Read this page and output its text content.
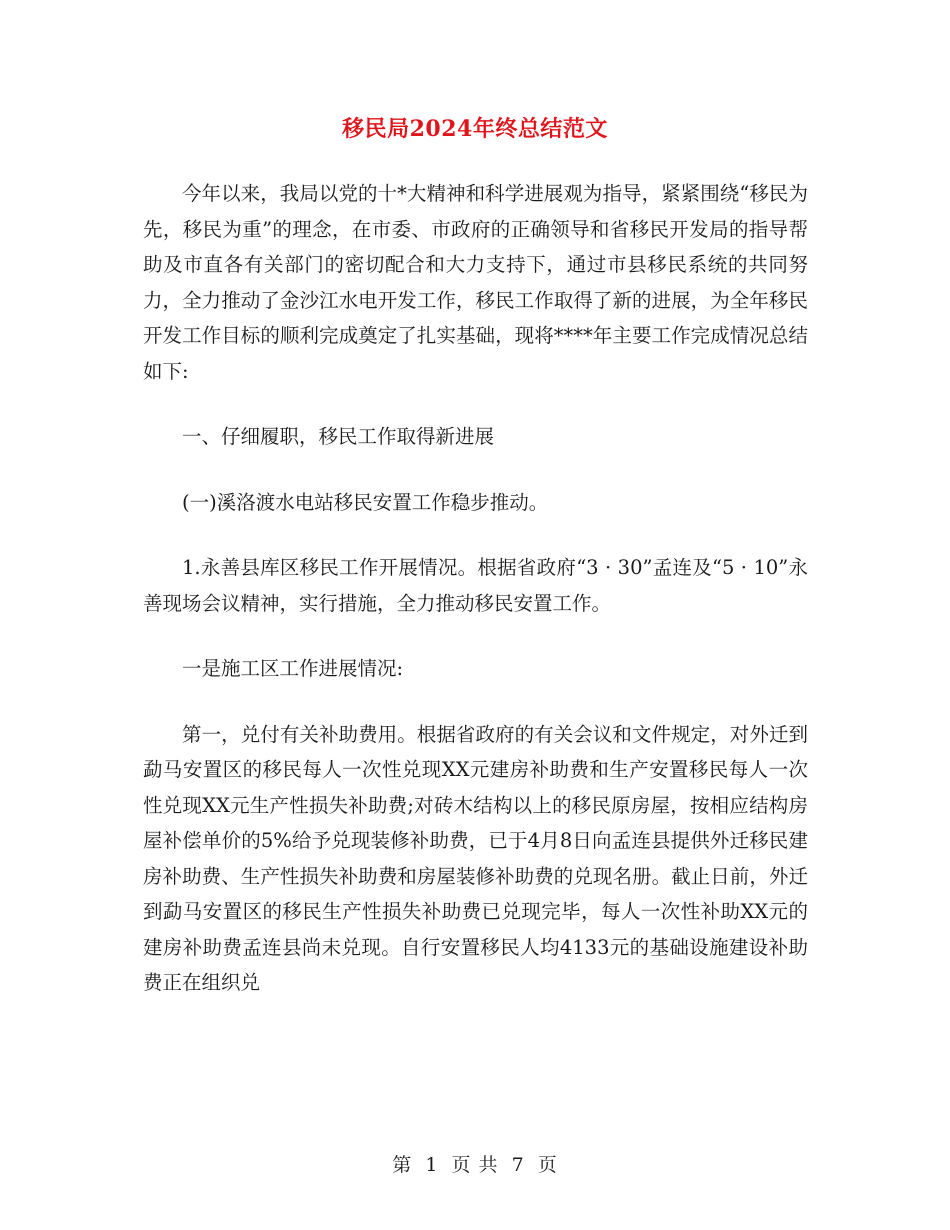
移民局2024年终总结范文

今年以来，我局以党的十*大精神和科学进展观为指导，紧紧围绕“移民为先，移民为重”的理念，在市委、市政府的正确领导和省移民开发局的指导帮助及市直各有关部门的密切配合和大力支持下，通过市县移民系统的共同努力，全力推动了金沙江水电开发工作，移民工作取得了新的进展，为全年移民开发工作目标的顺利完成奠定了扎实基础，现将****年主要工作完成情况总结如下:

一、仔细履职，移民工作取得新进展

(一)溪洛渡水电站移民安置工作稳步推动。

1.永善县库区移民工作开展情况。根据省政府“3 · 30”孟连及“5 · 10”永善现场会议精神，实行措施，全力推动移民安置工作。

一是施工区工作进展情况:

第一，兑付有关补助费用。根据省政府的有关会议和文件规定，对外迁到勐马安置区的移民每人一次性兑现XX元建房补助费和生产安置移民每人一次性兑现XX元生产性损失补助费;对砖木结构以上的移民原房屋，按相应结构房屋补偿单价的5%给予兑现装修补助费，已于4月8日向孟连县提供外迁移民建房补助费、生产性损失补助费和房屋装修补助费的兑现名册。截止日前，外迁到勐马安置区的移民生产性损失补助费已兑现完毕，每人一次性补助XX元的建房补助费孟连县尚未兑现。自行安置移民人均4133元的基础设施建设补助费正在组织兑

第 1 页 共 7 页
